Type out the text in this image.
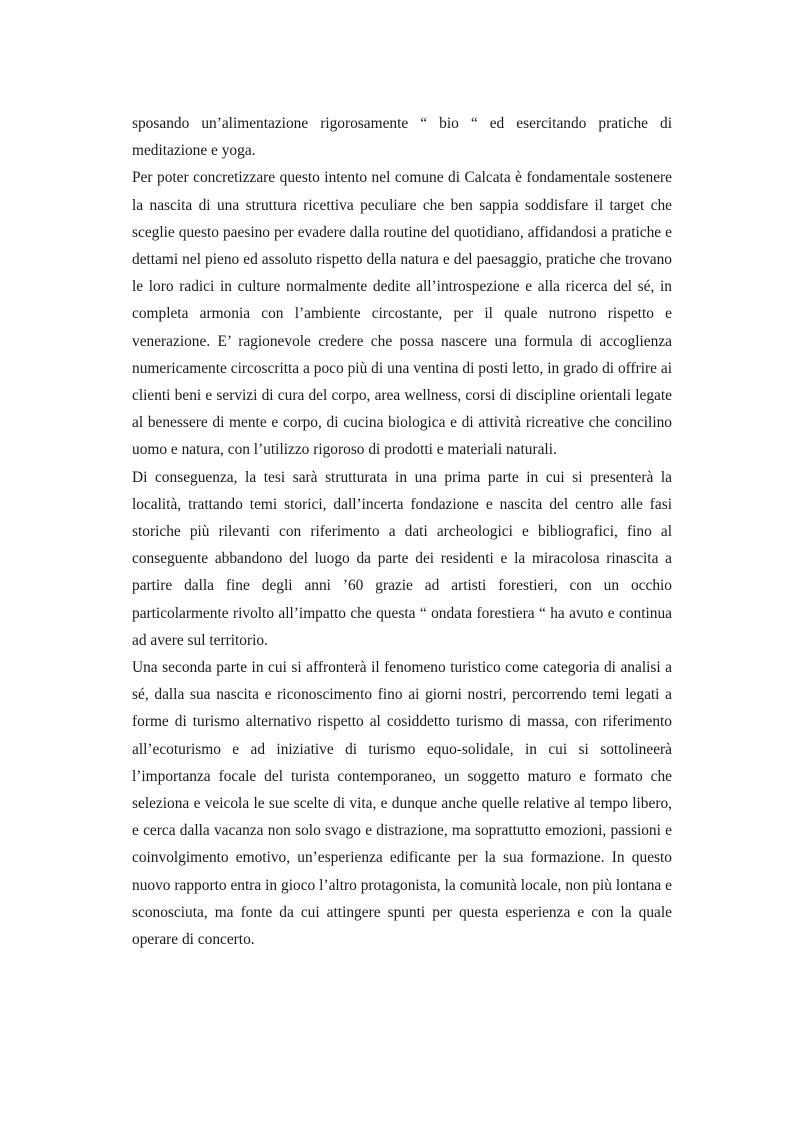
sposando un’alimentazione rigorosamente “ bio “ ed esercitando pratiche di meditazione e yoga.

Per poter concretizzare questo intento nel comune di Calcata è fondamentale sostenere la nascita di una struttura ricettiva peculiare che ben sappia soddisfare il target che sceglie questo paesino per evadere dalla routine del quotidiano, affidandosi a pratiche e dettami nel pieno ed assoluto rispetto della natura e del paesaggio, pratiche che trovano le loro radici in culture normalmente dedite all’introspezione e alla ricerca del sé, in completa armonia con l’ambiente circostante, per il quale nutrono rispetto e venerazione. E’ ragionevole credere che possa nascere una formula di accoglienza numericamente circoscritta a poco più di una ventina di posti letto, in grado di offrire ai clienti beni e servizi di cura del corpo, area wellness, corsi di discipline orientali legate al benessere di mente e corpo, di cucina biologica e di attività ricreative che concilino uomo e natura, con l’utilizzo rigoroso di prodotti e materiali naturali.

Di conseguenza, la tesi sarà strutturata in una prima parte in cui si presenterà la località, trattando temi storici, dall’incerta fondazione e nascita del centro alle fasi storiche più rilevanti con riferimento a dati archeologici e bibliografici, fino al conseguente abbandono del luogo da parte dei residenti e la miracolosa rinascita a partire dalla fine degli anni ’60 grazie ad artisti forestieri, con un occhio particolarmente rivolto all’impatto che questa “ ondata forestiera “ ha avuto e continua ad avere sul territorio.

Una seconda parte in cui si affronterà il fenomeno turistico come categoria di analisi a sé, dalla sua nascita e riconoscimento fino ai giorni nostri, percorrendo temi legati a forme di turismo alternativo rispetto al cosiddetto turismo di massa, con riferimento all’ecoturismo e ad iniziative di turismo equo-solidale, in cui si sottolineerà l’importanza focale del turista contemporaneo, un soggetto maturo e formato che seleziona e veicola le sue scelte di vita, e dunque anche quelle relative al tempo libero, e cerca dalla vacanza non solo svago e distrazione, ma soprattutto emozioni, passioni e coinvolgimento emotivo, un’esperienza edificante per la sua formazione. In questo nuovo rapporto entra in gioco l’altro protagonista, la comunità locale, non più lontana e sconosciuta, ma fonte da cui attingere spunti per questa esperienza e con la quale operare di concerto.
